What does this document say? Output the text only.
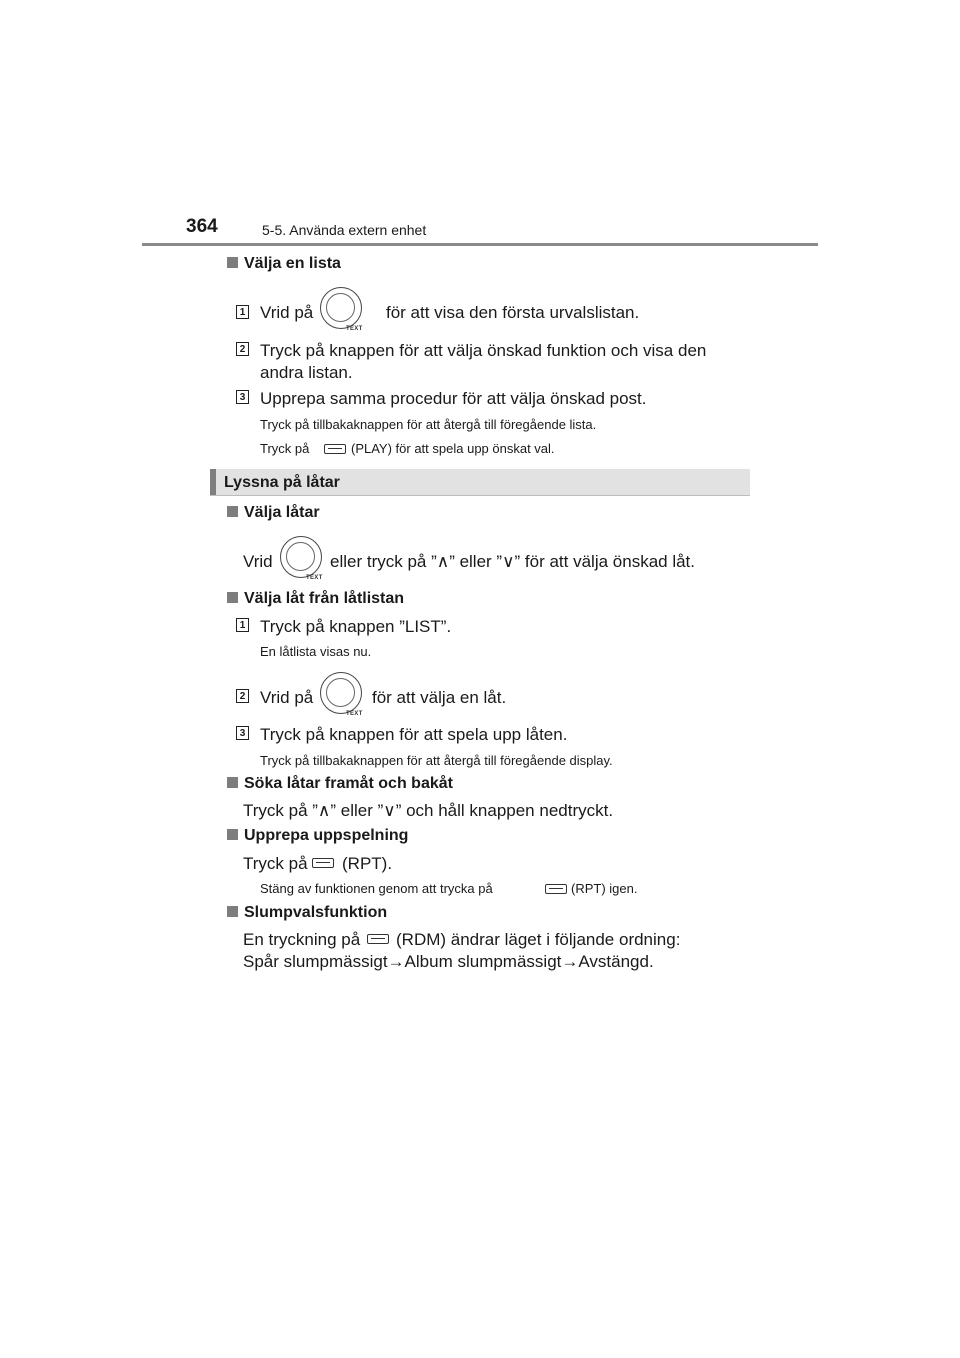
364	5-5. Använda extern enhet
Välja en lista
1 Vrid på
TEXT
för att visa den första urvalslistan.
2 Tryck på knappen för att välja önskad funktion och visa den
andra listan.
3 Upprepa samma procedur för att välja önskad post.
Tryck på tillbakaknappen för att återgå till föregående lista.
Tryck på	(PLAY) för att spela upp önskat val.
Lyssna på låtar
Välja låtar
Vrid
TEXT
eller tryck på ”∧” eller ”∨” för att välja önskad låt.
Välja låt från låtlistan
1 Tryck på knappen ”LIST”.
En låtlista visas nu.
2 Vrid på
TEXT
för att välja en låt.
3 Tryck på knappen för att spela upp låten.
Tryck på tillbakaknappen för att återgå till föregående display.
Söka låtar framåt och bakåt
Tryck på ”∧” eller ”∨” och håll knappen nedtryckt.
Upprepa uppspelning
Tryck på (RPT).
Stäng av funktionen genom att trycka på	(RPT) igen.
Slumpvalsfunktion
En tryckning på (RDM) ändrar läget i följande ordning:
Spår slumpmässigt→Album slumpmässigt→Avstängd.
